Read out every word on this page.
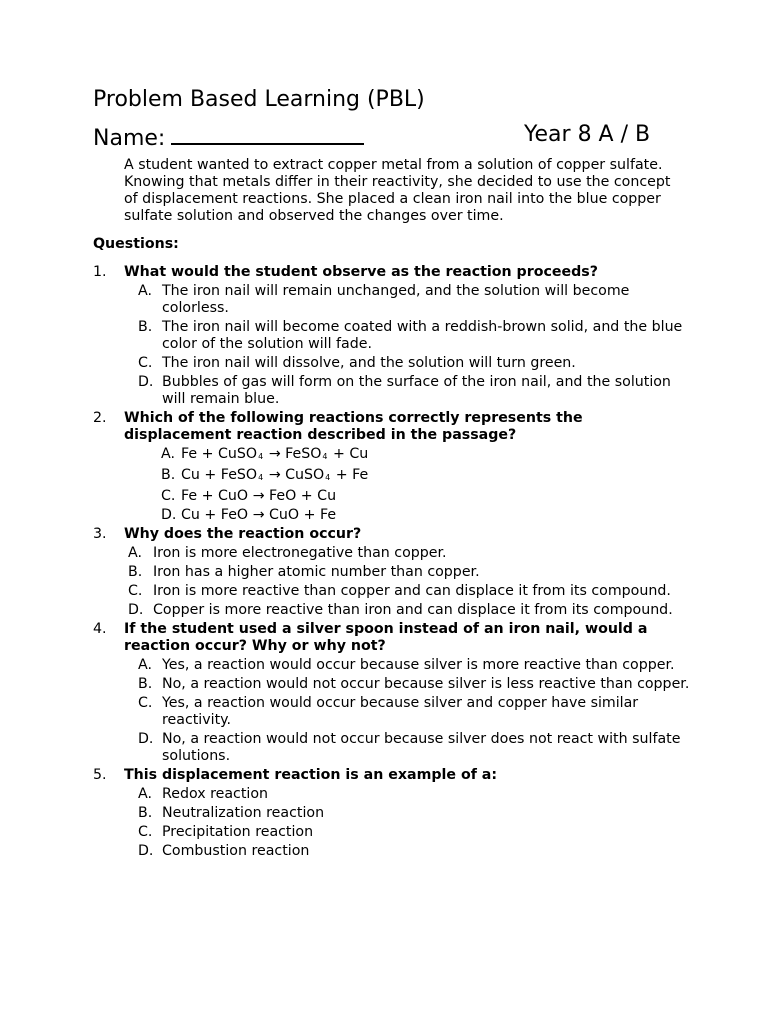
Problem Based Learning (PBL)
Name:	Year 8 A / B
A student wanted to extract copper metal from a solution of copper sulfate.
Knowing that metals differ in their reactivity, she decided to use the concept
of displacement reactions. She placed a clean iron nail into the blue copper
sulfate solution and observed the changes over time.
Questions:
1. What would the student observe as the reaction proceeds?
A. The iron nail will remain unchanged, and the solution will become colorless.
B. The iron nail will become coated with a reddish-brown solid, and the blue color of the solution will fade.
C. The iron nail will dissolve, and the solution will turn green.
D. Bubbles of gas will form on the surface of the iron nail, and the solution will remain blue.
2. Which of the following reactions correctly represents the displacement reaction described in the passage?
A. Fe + CuSO$_4$ → FeSO$_4$ + Cu
B. Cu + FeSO$_4$ → CuSO$_4$ + Fe
C. Fe + CuO → FeO + Cu
D. Cu + FeO → CuO + Fe
3. Why does the reaction occur?
A. Iron is more electronegative than copper.
B. Iron has a higher atomic number than copper.
C. Iron is more reactive than copper and can displace it from its compound.
D. Copper is more reactive than iron and can displace it from its compound.
4. If the student used a silver spoon instead of an iron nail, would a reaction occur? Why or why not?
A. Yes, a reaction would occur because silver is more reactive than copper.
B. No, a reaction would not occur because silver is less reactive than copper.
C. Yes, a reaction would occur because silver and copper have similar reactivity.
D. No, a reaction would not occur because silver does not react with sulfate solutions.
5. This displacement reaction is an example of a:
A. Redox reaction
B. Neutralization reaction
C. Precipitation reaction
D. Combustion reaction
